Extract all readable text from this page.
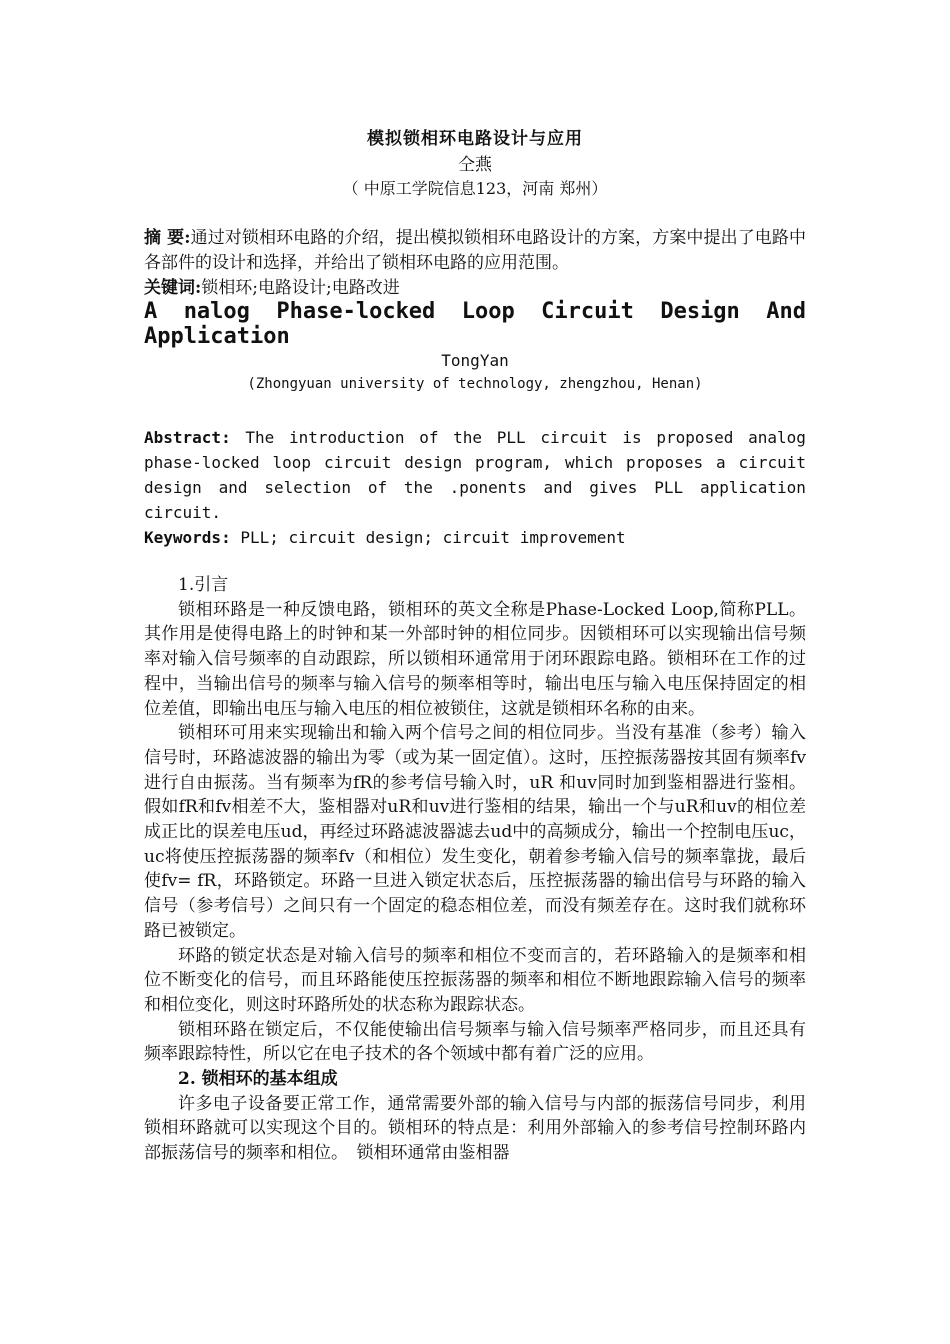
模拟锁相环电路设计与应用
仝燕
（ 中原工学院信息123，河南 郑州）
摘 要:通过对锁相环电路的介绍，提出模拟锁相环电路设计的方案，方案中提出了电路中各部件的设计和选择，并给出了锁相环电路的应用范围。
关键词:锁相环;电路设计;电路改进
A nalog Phase-locked Loop Circuit Design And
Application
TongYan
(Zhongyuan university of technology, zhengzhou, Henan)
Abstract: The introduction of the PLL circuit is proposed analog
phase-locked loop circuit design program, which proposes a circuit
design and selection of the .ponents and gives PLL application
circuit.
Keywords: PLL; circuit design; circuit improvement
1.引言

锁相环路是一种反馈电路，锁相环的英文全称是Phase-Locked Loop,简称PLL。其作用是使得电路上的时钟和某一外部时钟的相位同步。因锁相环可以实现输出信号频率对输入信号频率的自动跟踪，所以锁相环通常用于闭环跟踪电路。锁相环在工作的过程中，当输出信号的频率与输入信号的频率相等时，输出电压与输入电压保持固定的相位差值，即输出电压与输入电压的相位被锁住，这就是锁相环名称的由来。

锁相环可用来实现输出和输入两个信号之间的相位同步。当没有基准（参考）输入信号时，环路滤波器的输出为零（或为某一固定值）。这时，压控振荡器按其固有频率fv进行自由振荡。当有频率为fR的参考信号输入时，uR 和uv同时加到鉴相器进行鉴相。假如fR和fv相差不大，鉴相器对uR和uv进行鉴相的结果，输出一个与uR和uv的相位差成正比的误差电压ud，再经过环路滤波器滤去ud中的高频成分，输出一个控制电压uc，uc将使压控振荡器的频率fv（和相位）发生变化，朝着参考输入信号的频率靠拢，最后使fv= fR，环路锁定。环路一旦进入锁定状态后，压控振荡器的输出信号与环路的输入信号（参考信号）之间只有一个固定的稳态相位差，而没有频差存在。这时我们就称环路已被锁定。

环路的锁定状态是对输入信号的频率和相位不变而言的，若环路输入的是频率和相位不断变化的信号，而且环路能使压控振荡器的频率和相位不断地跟踪输入信号的频率和相位变化，则这时环路所处的状态称为跟踪状态。

锁相环路在锁定后，不仅能使输出信号频率与输入信号频率严格同步，而且还具有频率跟踪特性，所以它在电子技术的各个领域中都有着广泛的应用。

2. 锁相环的基本组成

许多电子设备要正常工作，通常需要外部的输入信号与内部的振荡信号同步，利用锁相环路就可以实现这个目的。锁相环的特点是：利用外部输入的参考信号控制环路内部振荡信号的频率和相位。　锁相环通常由鉴相器
